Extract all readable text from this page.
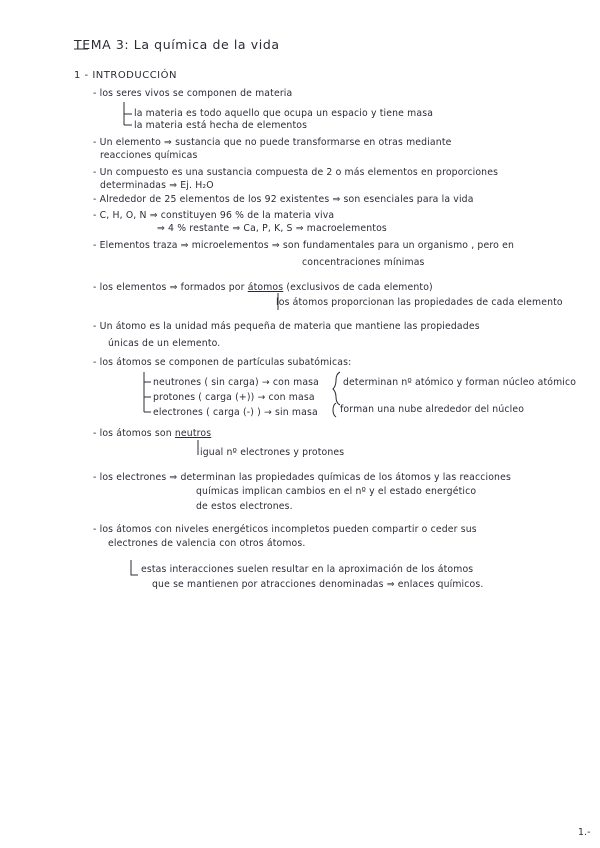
TEMA 3: La química de la vida
1 - INTRODUCCIÓN
- los seres vivos se componen de materia
la materia es todo aquello que ocupa un espacio y tiene masa
la materia está hecha de elementos
- Un elemento ⇒ sustancia que no puede transformarse en otras mediante
reacciones químicas
- Un compuesto es una sustancia compuesta de 2 o más elementos en proporciones
determinadas ⇒ Ej. H₂O
- Alrededor de 25 elementos de los 92 existentes ⇒ son esenciales para la vida
- C, H, O, N ⇒ constituyen 96 % de la materia viva
⇒ 4 % restante ⇒ Ca, P, K, S ⇒ macroelementos
- Elementos traza ⇒ microelementos ⇒ son fundamentales para un organismo , pero en
concentraciones mínimas
- los elementos ⇒ formados por átomos (exclusivos de cada elemento)
los átomos proporcionan las propiedades de cada elemento
- Un átomo es la unidad más pequeña de materia que mantiene las propiedades
únicas de un elemento.
- los átomos se componen de partículas subatómicas:
neutrones ( sin carga) → con masa
protones ( carga (+)) → con masa
electrones ( carga (-) ) → sin masa
determinan nº atómico y forman núcleo atómico
forman una nube alrededor del núcleo
- los átomos son neutros
igual nº electrones y protones
- los electrones ⇒ determinan las propiedades químicas de los átomos y las reacciones
químicas implican cambios en el nº y el estado energético
de estos electrones.
- los átomos con niveles energéticos incompletos pueden compartir o ceder sus
electrones de valencia con otros átomos.
estas interacciones suelen resultar en la aproximación de los átomos
que se mantienen por atracciones denominadas ⇒ enlaces químicos.
1.-
